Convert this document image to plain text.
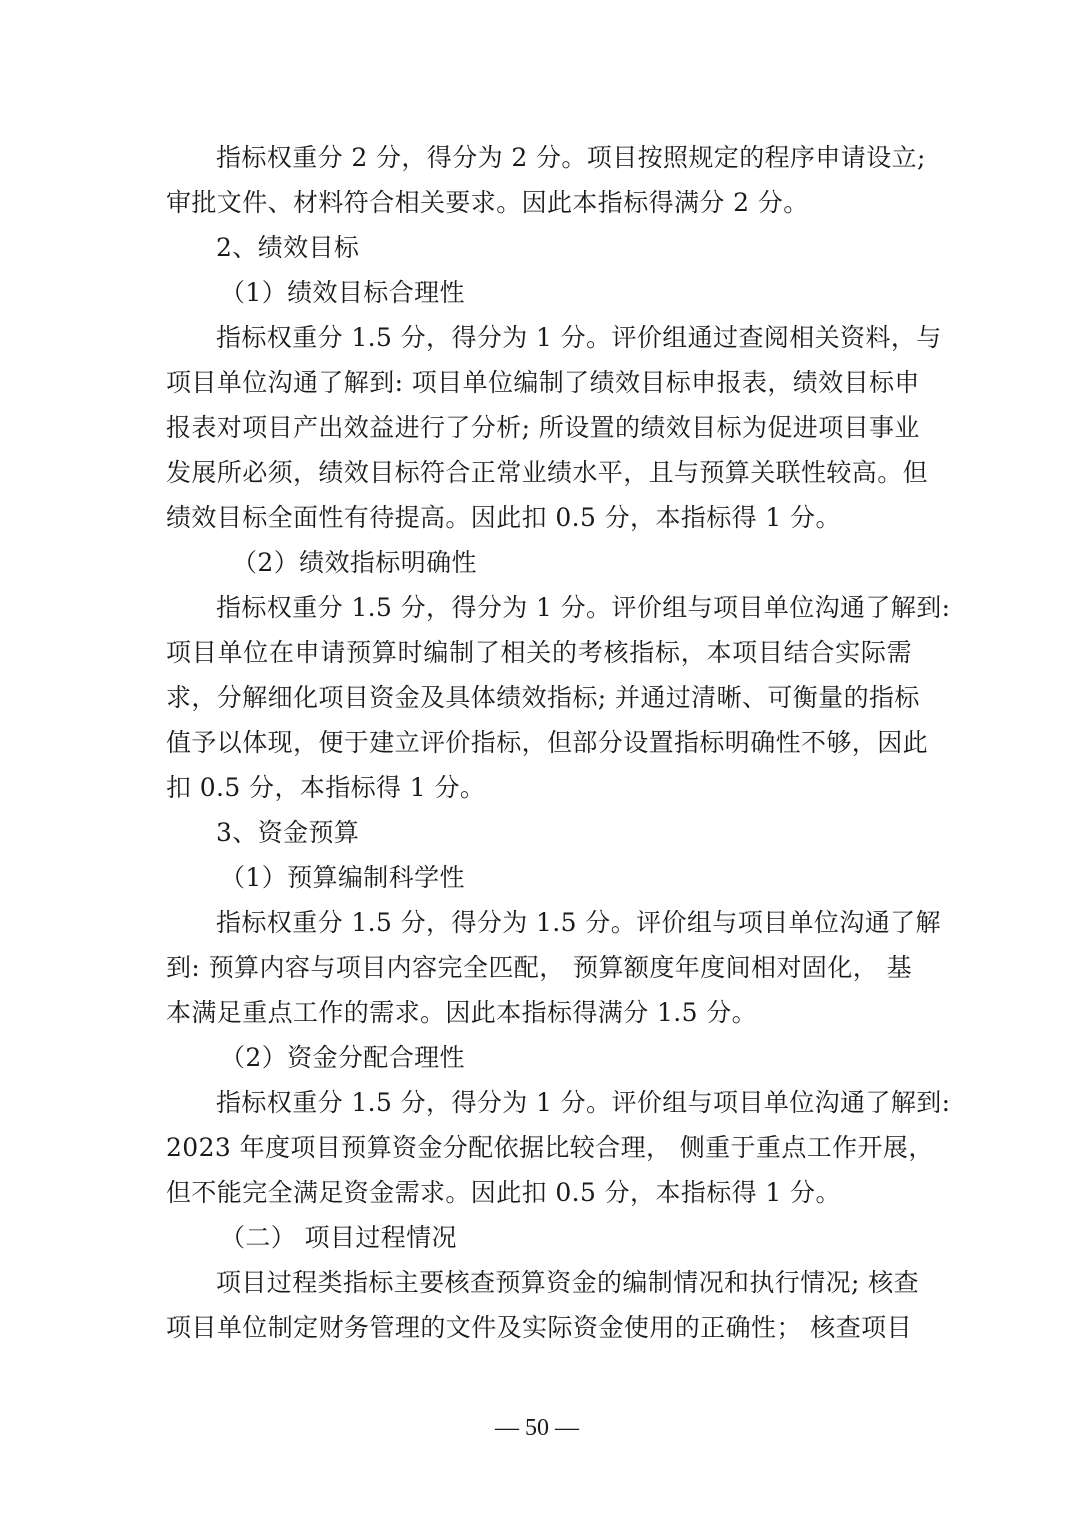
指标权重分 2 分，得分为 2 分。项目按照规定的程序申请设立;
审批文件、材料符合相关要求。因此本指标得满分 2 分。
2、绩效目标
（1）绩效目标合理性
指标权重分 1.5 分，得分为 1 分。评价组通过查阅相关资料，与
项目单位沟通了解到: 项目单位编制了绩效目标申报表，绩效目标申
报表对项目产出效益进行了分析; 所设置的绩效目标为促进项目事业
发展所必须，绩效目标符合正常业绩水平，且与预算关联性较高。但
绩效目标全面性有待提高。因此扣 0.5 分，本指标得 1 分。
（2）绩效指标明确性
指标权重分 1.5 分，得分为 1 分。评价组与项目单位沟通了解到:
项目单位在申请预算时编制了相关的考核指标，本项目结合实际需
求，分解细化项目资金及具体绩效指标; 并通过清晰、可衡量的指标
值予以体现，便于建立评价指标，但部分设置指标明确性不够，因此
扣 0.5 分，本指标得 1 分。
3、资金预算
（1）预算编制科学性
指标权重分 1.5 分，得分为 1.5 分。评价组与项目单位沟通了解
到: 预算内容与项目内容完全匹配， 预算额度年度间相对固化， 基
本满足重点工作的需求。因此本指标得满分 1.5 分。
（2）资金分配合理性
指标权重分 1.5 分，得分为 1 分。评价组与项目单位沟通了解到:
2023 年度项目预算资金分配依据比较合理， 侧重于重点工作开展，
但不能完全满足资金需求。因此扣 0.5 分，本指标得 1 分。
（二） 项目过程情况
项目过程类指标主要核查预算资金的编制情况和执行情况; 核查
项目单位制定财务管理的文件及实际资金使用的正确性； 核查项目
— 50 —
